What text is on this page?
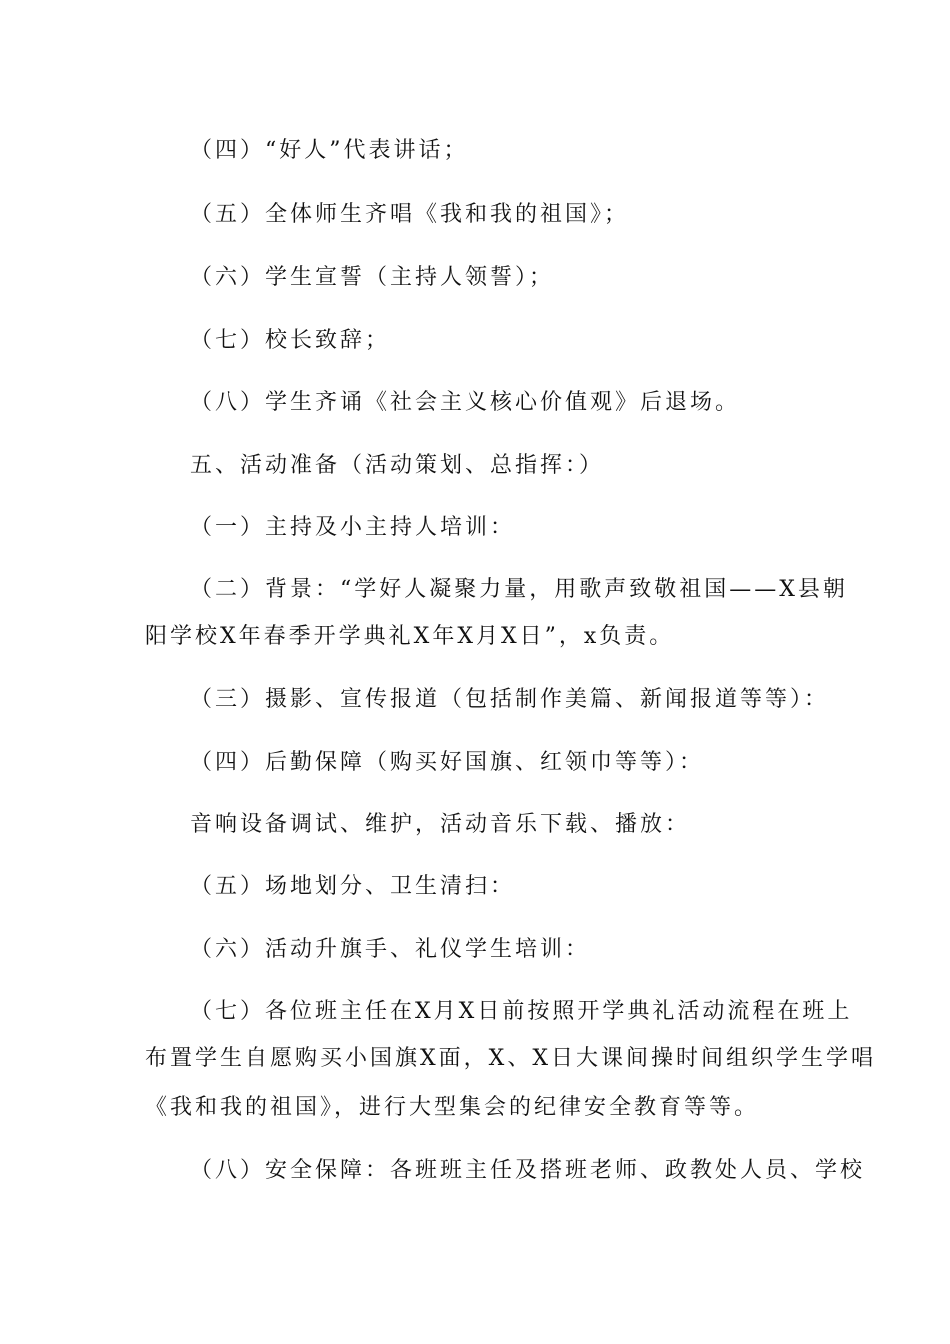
（四）“好人”代表讲话；
（五）全体师生齐唱《我和我的祖国》；
（六）学生宣誓（主持人领誓）；
（七）校长致辞；
（八）学生齐诵《社会主义核心价值观》后退场。
五、活动准备（活动策划、总指挥：）
（一）主持及小主持人培训：
（二）背景：“学好人凝聚力量，用歌声致敬祖国——X县朝
阳学校X年春季开学典礼X年X月X日”，x负责。
（三）摄影、宣传报道（包括制作美篇、新闻报道等等）：
（四）后勤保障（购买好国旗、红领巾等等）：
音响设备调试、维护，活动音乐下载、播放：
（五）场地划分、卫生清扫：
（六）活动升旗手、礼仪学生培训：
（七）各位班主任在X月X日前按照开学典礼活动流程在班上
布置学生自愿购买小国旗X面，X、X日大课间操时间组织学生学唱
《我和我的祖国》，进行大型集会的纪律安全教育等等。
（八）安全保障：各班班主任及搭班老师、政教处人员、学校
